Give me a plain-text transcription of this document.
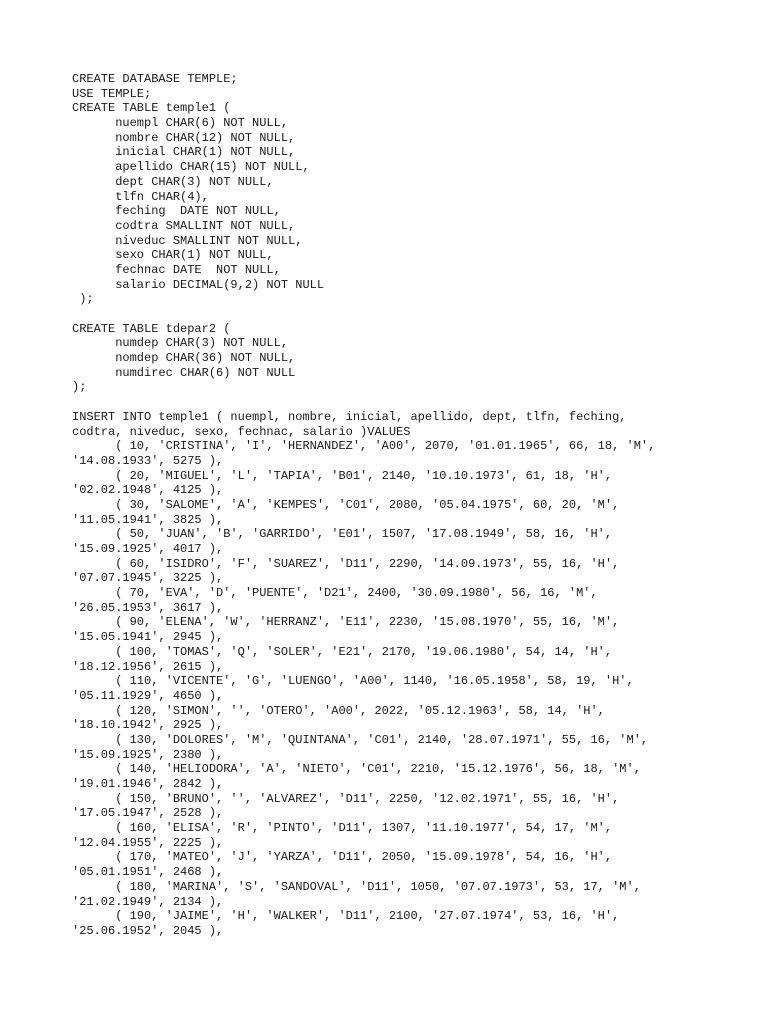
CREATE DATABASE TEMPLE;
USE TEMPLE;
CREATE TABLE temple1 (
nuempl CHAR(6) NOT NULL,
nombre CHAR(12) NOT NULL,
inicial CHAR(1) NOT NULL,
apellido CHAR(15) NOT NULL,
dept CHAR(3) NOT NULL,
tlfn CHAR(4),
feching  DATE NOT NULL,
codtra SMALLINT NOT NULL,
niveduc SMALLINT NOT NULL,
sexo CHAR(1) NOT NULL,
fechnac DATE  NOT NULL,
salario DECIMAL(9,2) NOT NULL
);
CREATE TABLE tdepar2 (
numdep CHAR(3) NOT NULL,
nomdep CHAR(36) NOT NULL,
numdirec CHAR(6) NOT NULL
);
INSERT INTO temple1 ( nuempl, nombre, inicial, apellido, dept, tlfn, feching,
codtra, niveduc, sexo, fechnac, salario )VALUES
( 10, 'CRISTINA', 'I', 'HERNANDEZ', 'A00', 2070, '01.01.1965', 66, 18, 'M',
'14.08.1933', 5275 ),
( 20, 'MIGUEL', 'L', 'TAPIA', 'B01', 2140, '10.10.1973', 61, 18, 'H',
'02.02.1948', 4125 ),
( 30, 'SALOME', 'A', 'KEMPES', 'C01', 2080, '05.04.1975', 60, 20, 'M',
'11.05.1941', 3825 ),
( 50, 'JUAN', 'B', 'GARRIDO', 'E01', 1507, '17.08.1949', 58, 16, 'H',
'15.09.1925', 4017 ),
( 60, 'ISIDRO', 'F', 'SUAREZ', 'D11', 2290, '14.09.1973', 55, 16, 'H',
'07.07.1945', 3225 ),
( 70, 'EVA', 'D', 'PUENTE', 'D21', 2400, '30.09.1980', 56, 16, 'M',
'26.05.1953', 3617 ),
( 90, 'ELENA', 'W', 'HERRANZ', 'E11', 2230, '15.08.1970', 55, 16, 'M',
'15.05.1941', 2945 ),
( 100, 'TOMAS', 'Q', 'SOLER', 'E21', 2170, '19.06.1980', 54, 14, 'H',
'18.12.1956', 2615 ),
( 110, 'VICENTE', 'G', 'LUENGO', 'A00', 1140, '16.05.1958', 58, 19, 'H',
'05.11.1929', 4650 ),
( 120, 'SIMON', '', 'OTERO', 'A00', 2022, '05.12.1963', 58, 14, 'H',
'18.10.1942', 2925 ),
( 130, 'DOLORES', 'M', 'QUINTANA', 'C01', 2140, '28.07.1971', 55, 16, 'M',
'15.09.1925', 2380 ),
( 140, 'HELIODORA', 'A', 'NIETO', 'C01', 2210, '15.12.1976', 56, 18, 'M',
'19.01.1946', 2842 ),
( 150, 'BRUNO', '', 'ALVAREZ', 'D11', 2250, '12.02.1971', 55, 16, 'H',
'17.05.1947', 2528 ),
( 160, 'ELISA', 'R', 'PINTO', 'D11', 1307, '11.10.1977', 54, 17, 'M',
'12.04.1955', 2225 ),
( 170, 'MATEO', 'J', 'YARZA', 'D11', 2050, '15.09.1978', 54, 16, 'H',
'05.01.1951', 2468 ),
( 180, 'MARINA', 'S', 'SANDOVAL', 'D11', 1050, '07.07.1973', 53, 17, 'M',
'21.02.1949', 2134 ),
( 190, 'JAIME', 'H', 'WALKER', 'D11', 2100, '27.07.1974', 53, 16, 'H',
'25.06.1952', 2045 ),
